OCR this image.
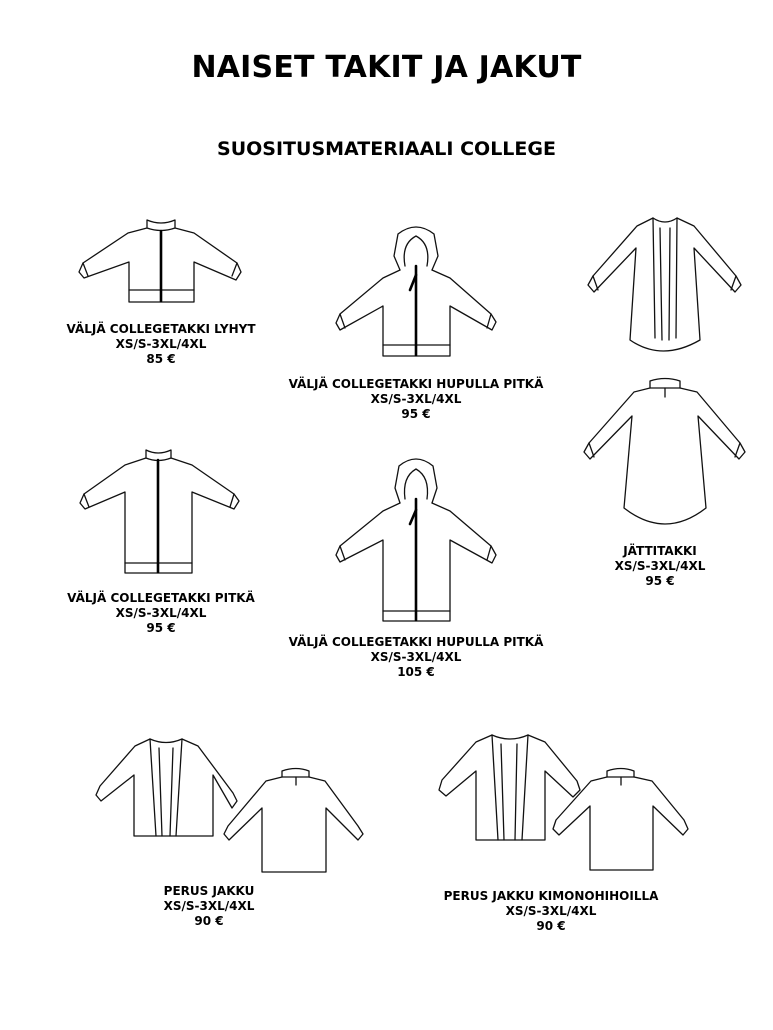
NAISET TAKIT JA JAKUT
SUOSITUSMATERIAALI COLLEGE
VÄLJÄ COLLEGETAKKI LYHYT
XS/S-3XL/4XL
85 €
VÄLJÄ COLLEGETAKKI HUPULLA PITKÄ
XS/S-3XL/4XL
95 €
VÄLJÄ COLLEGETAKKI PITKÄ
XS/S-3XL/4XL
95 €
VÄLJÄ COLLEGETAKKI HUPULLA PITKÄ
XS/S-3XL/4XL
105 €
JÄTTITAKKI
XS/S-3XL/4XL
95 €
PERUS JAKKU
XS/S-3XL/4XL
90 €
PERUS JAKKU KIMONOHIHOILLA
XS/S-3XL/4XL
90 €
